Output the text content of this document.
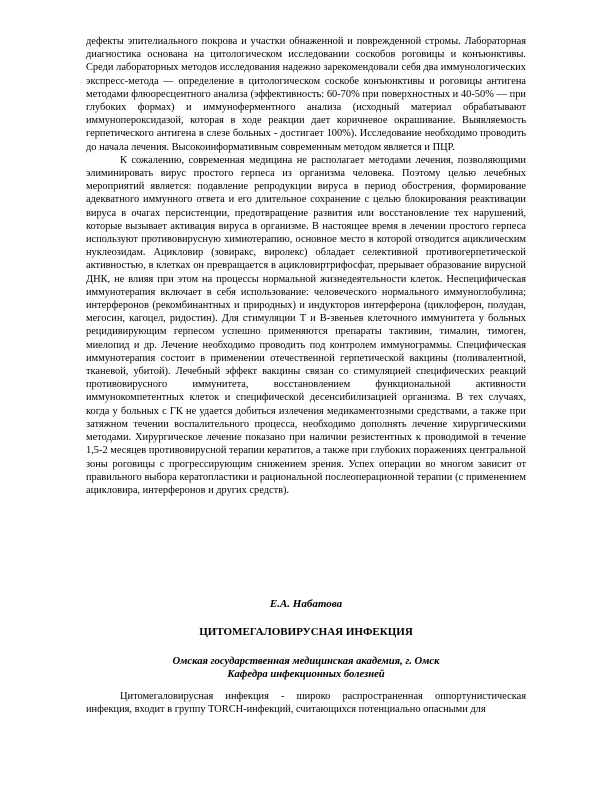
дефекты эпителиального покрова и участки обнаженной и поврежденной стромы. Лабораторная диагностика основана на цитологическом исследовании соскобов роговицы и конъюнктивы. Среди лабораторных методов исследования надежно зарекомендовали себя два иммунологических экспресс-метода — определение в цитологическом соскобе конъюнктивы и роговицы антигена методами флюоресцентного анализа (эффективность: 60-70% при поверхностных и 40-50% — при глубоких формах) и иммуноферментного анализа (исходный материал обрабатывают иммунопероксидазой, которая в ходе реакции дает коричневое окрашивание. Выявляемость герпетического антигена в слезе больных - достигает 100%). Исследование необходимо проводить до начала лечения. Высокоинформативным современным методом является и ПЦР.

К сожалению, современная медицина не располагает методами лечения, позволяющими элиминировать вирус простого герпеса из организма человека. Поэтому целью лечебных мероприятий является: подавление репродукции вируса в период обострения, формирование адекватного иммунного ответа и его длительное сохранение с целью блокирования реактивации вируса в очагах персистенции, предотвращение развития или восстановление тех нарушений, которые вызывает активация вируса в организме. В настоящее время в лечении простого герпеса используют противовирусную химиотерапию, основное место в которой отводится ациклическим нуклеозидам. Ацикловир (зовиракс, виролекс) обладает селективной противогерпетической активностью, в клетках он превращается в ацикловиртрифосфат, прерывает образование вирусной ДНК, не влияя при этом на процессы нормальной жизнедеятельности клеток. Неспецифическая иммунотерапия включает в себя использование: человеческого нормального иммуноглобулина; интерферонов (рекомбинантных и природных) и индукторов интерферона (циклоферон, полудан, мегосин, кагоцел, ридостин). Для стимуляции Т и В-звеньев клеточного иммунитета у больных рецидивирующим герпесом успешно применяются препараты тактивин, тималин, тимоген, миелопид и др. Лечение необходимо проводить под контролем иммунограммы. Специфическая иммунотерапия состоит в применении отечественной герпетической вакцины (поливалентной, тканевой, убитой). Лечебный эффект вакцины связан со стимуляцией специфических реакций противовирусного иммунитета, восстановлением функциональной активности иммунокомпетентных клеток и специфической десенсибилизацией организма. В тех случаях, когда у больных с ГК не удается добиться излечения медикаментозными средствами, а также при затяжном течении воспалительного процесса, необходимо дополнять лечение хирургическими методами. Хирургическое лечение показано при наличии резистентных к проводимой в течение 1,5-2 месяцев противовирусной терапии кератитов, а также при глубоких поражениях центральной зоны роговицы с прогрессирующим снижением зрения. Успех операции во многом зависит от правильного выбора кератопластики и рациональной послеоперационной терапии (с применением ацикловира, интерферонов и других средств).

Е.А. Набатова
ЦИТОМЕГАЛОВИРУСНАЯ ИНФЕКЦИЯ
Омская государственная медицинская академия, г. Омск
Кафедра инфекционных болезней

Цитомегаловирусная инфекция - широко распространенная оппортунистическая инфекция, входит в группу TORCH-инфекций, считающихся потенциально опасными для
